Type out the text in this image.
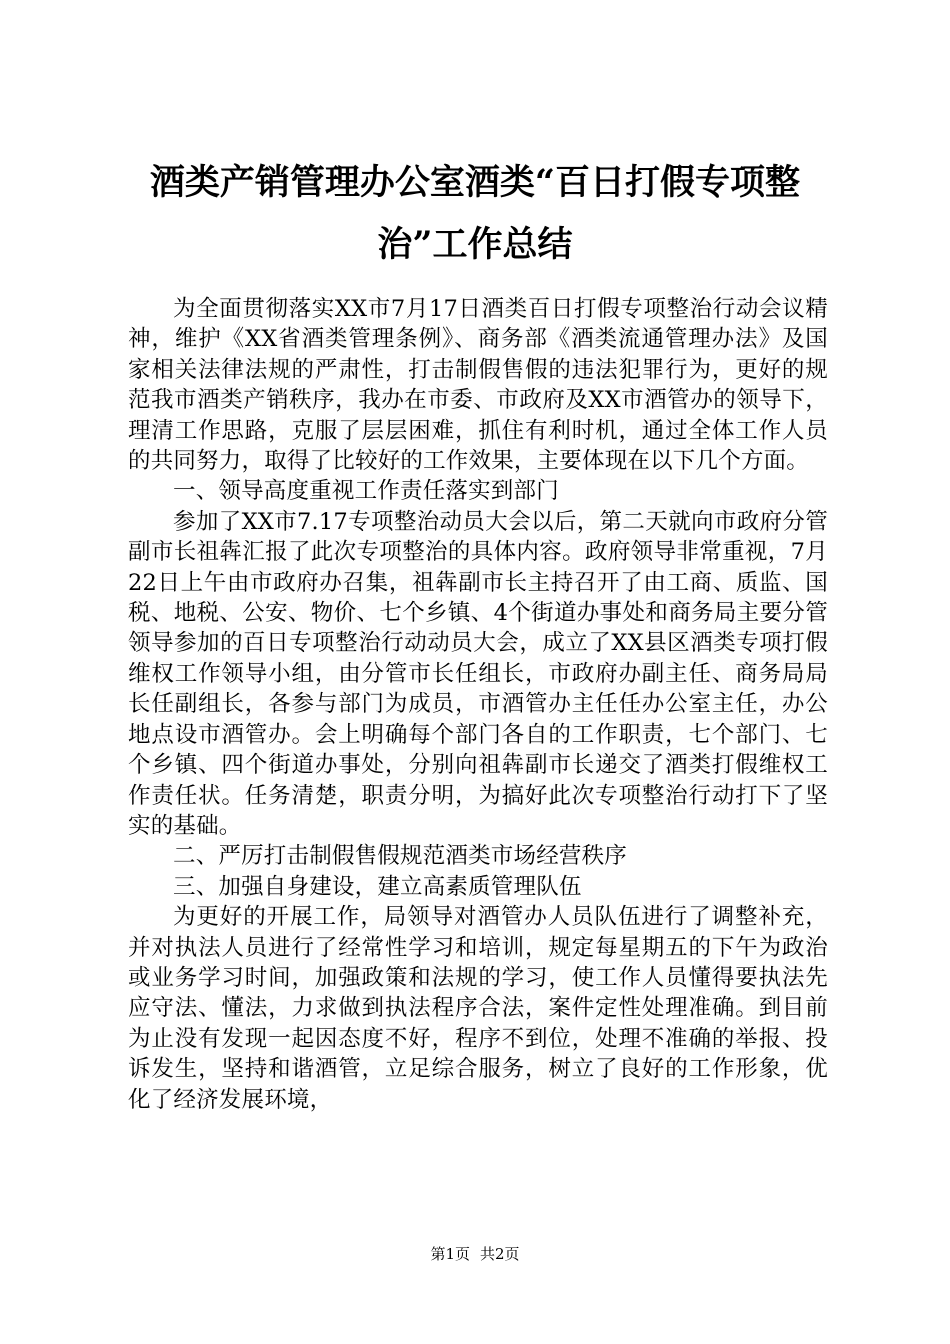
酒类产销管理办公室酒类“百日打假专项整
治”工作总结

为全面贯彻落实XX市7月17日酒类百日打假专项整治行动会议精神，维护《XX省酒类管理条例》、商务部《酒类流通管理办法》及国家相关法律法规的严肃性，打击制假售假的违法犯罪行为，更好的规范我市酒类产销秩序，我办在市委、市政府及XX市酒管办的领导下，理清工作思路，克服了层层困难，抓住有利时机，通过全体工作人员的共同努力，取得了比较好的工作效果，主要体现在以下几个方面。

一、领导高度重视工作责任落实到部门

参加了XX市7.17专项整治动员大会以后，第二天就向市政府分管副市长祖犇汇报了此次专项整治的具体内容。政府领导非常重视，7月22日上午由市政府办召集，祖犇副市长主持召开了由工商、质监、国税、地税、公安、物价、七个乡镇、4个街道办事处和商务局主要分管领导参加的百日专项整治行动动员大会，成立了XX县区酒类专项打假维权工作领导小组，由分管市长任组长，市政府办副主任、商务局局长任副组长，各参与部门为成员，市酒管办主任任办公室主任，办公地点设市酒管办。会上明确每个部门各自的工作职责，七个部门、七个乡镇、四个街道办事处，分别向祖犇副市长递交了酒类打假维权工作责任状。任务清楚，职责分明，为搞好此次专项整治行动打下了坚实的基础。

二、严厉打击制假售假规范酒类市场经营秩序

三、加强自身建设，建立高素质管理队伍

为更好的开展工作，局领导对酒管办人员队伍进行了调整补充，并对执法人员进行了经常性学习和培训，规定每星期五的下午为政治或业务学习时间，加强政策和法规的学习，使工作人员懂得要执法先应守法、懂法，力求做到执法程序合法，案件定性处理准确。到目前为止没有发现一起因态度不好，程序不到位，处理不准确的举报、投诉发生，坚持和谐酒管，立足综合服务，树立了良好的工作形象，优化了经济发展环境，

第1页 共2页
